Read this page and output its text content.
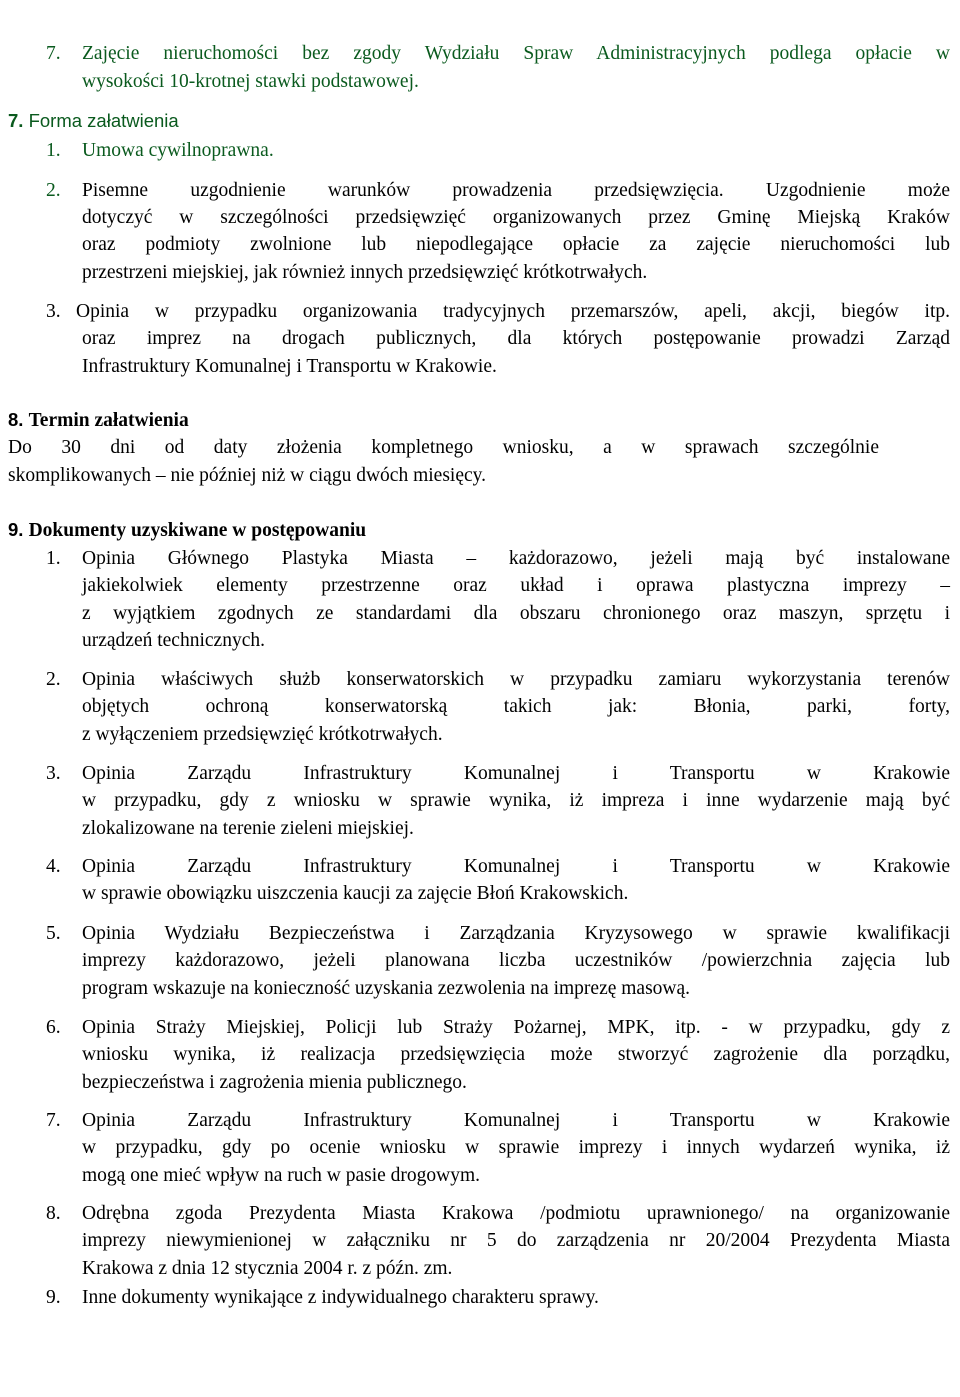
7. Zajęcie nieruchomości bez zgody Wydziału Spraw Administracyjnych podlega opłacie w
wysokości 10-krotnej stawki podstawowej.
7. Forma załatwienia
1. Umowa cywilnoprawna.
2. Pisemne uzgodnienie warunków prowadzenia przedsięwzięcia. Uzgodnienie może
dotyczyć w szczególności przedsięwzięć organizowanych przez Gminę Miejską Kraków
oraz podmioty zwolnione lub niepodlegające opłacie za zajęcie nieruchomości lub
przestrzeni miejskiej, jak również innych przedsięwzięć krótkotrwałych.
3. Opinia w przypadku organizowania tradycyjnych przemarszów, apeli, akcji, biegów itp.
oraz imprez na drogach publicznych, dla których postępowanie prowadzi Zarząd
Infrastruktury Komunalnej i Transportu w Krakowie.
8. Termin załatwienia
Do 30 dni od daty złożenia kompletnego wniosku, a w sprawach szczególnie
skomplikowanych – nie później niż w ciągu dwóch miesięcy.
9. Dokumenty uzyskiwane w postępowaniu
1. Opinia Głównego Plastyka Miasta – każdorazowo, jeżeli mają być instalowane
jakiekolwiek elementy przestrzenne oraz układ i oprawa plastyczna imprezy –
z wyjątkiem zgodnych ze standardami dla obszaru chronionego oraz maszyn, sprzętu i
urządzeń technicznych.
2. Opinia właściwych służb konserwatorskich w przypadku zamiaru wykorzystania terenów
objętych ochroną konserwatorską takich jak: Błonia, parki, forty,
z wyłączeniem przedsięwzięć krótkotrwałych.
3. Opinia Zarządu Infrastruktury Komunalnej i Transportu w Krakowie
w przypadku, gdy z wniosku w sprawie wynika, iż impreza i inne wydarzenie mają być
zlokalizowane na terenie zieleni miejskiej.
4. Opinia Zarządu Infrastruktury Komunalnej i Transportu w Krakowie
w sprawie obowiązku uiszczenia kaucji za zajęcie Błoń Krakowskich.
5. Opinia Wydziału Bezpieczeństwa i Zarządzania Kryzysowego w sprawie kwalifikacji
imprezy każdorazowo, jeżeli planowana liczba uczestników /powierzchnia zajęcia lub
program wskazuje na konieczność uzyskania zezwolenia na imprezę masową.
6. Opinia Straży Miejskiej, Policji lub Straży Pożarnej, MPK, itp. - w przypadku, gdy z
wniosku wynika, iż realizacja przedsięwzięcia może stworzyć zagrożenie dla porządku,
bezpieczeństwa i zagrożenia mienia publicznego.
7. Opinia Zarządu Infrastruktury Komunalnej i Transportu w Krakowie
w przypadku, gdy po ocenie wniosku w sprawie imprezy i innych wydarzeń wynika, iż
mogą one mieć wpływ na ruch w pasie drogowym.
8. Odrębna zgoda Prezydenta Miasta Krakowa /podmiotu uprawnionego/ na organizowanie
imprezy niewymienionej w załączniku nr 5 do zarządzenia nr 20/2004 Prezydenta Miasta
Krakowa z dnia 12 stycznia 2004 r. z późn. zm.
9. Inne dokumenty wynikające z indywidualnego charakteru sprawy.
